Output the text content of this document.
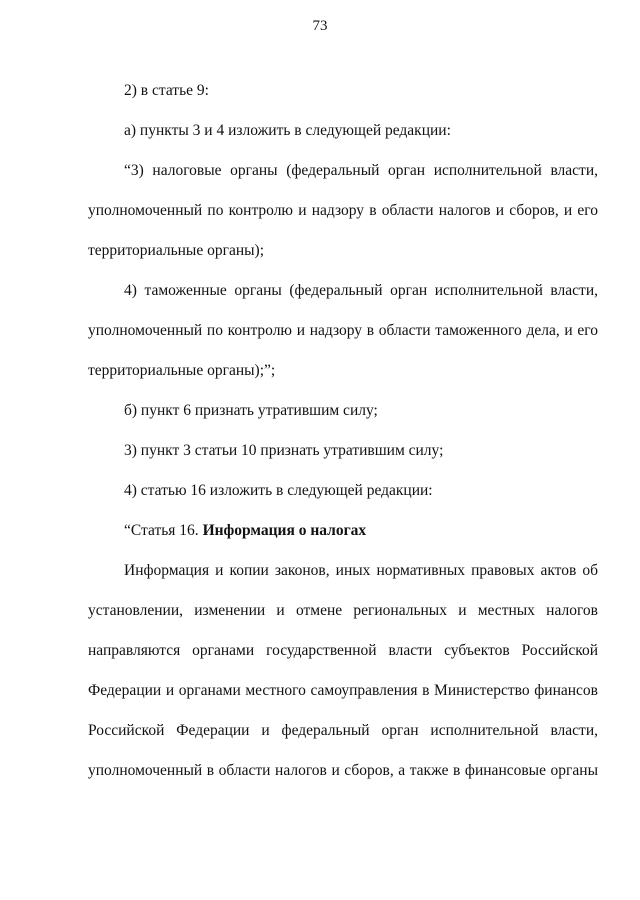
73
2) в статье 9:
а) пункты 3 и 4 изложить в следующей редакции:
“3) налоговые органы (федеральный орган исполнительной власти,
уполномоченный по контролю и надзору в области налогов и сборов, и его
территориальные органы);
4) таможенные органы (федеральный орган исполнительной власти,
уполномоченный по контролю и надзору в области таможенного дела, и его
территориальные органы);”;
б) пункт 6 признать утратившим силу;
3) пункт 3 статьи 10 признать утратившим силу;
4) статью 16 изложить в следующей редакции:
“Статья 16. Информация о налогах
Информация и копии законов, иных нормативных правовых актов об
установлении, изменении и отмене региональных и местных налогов
направляются органами государственной власти субъектов Российской
Федерации и органами местного самоуправления в Министерство финансов
Российской Федерации и федеральный орган исполнительной власти,
уполномоченный в области налогов и сборов, а также в финансовые органы
